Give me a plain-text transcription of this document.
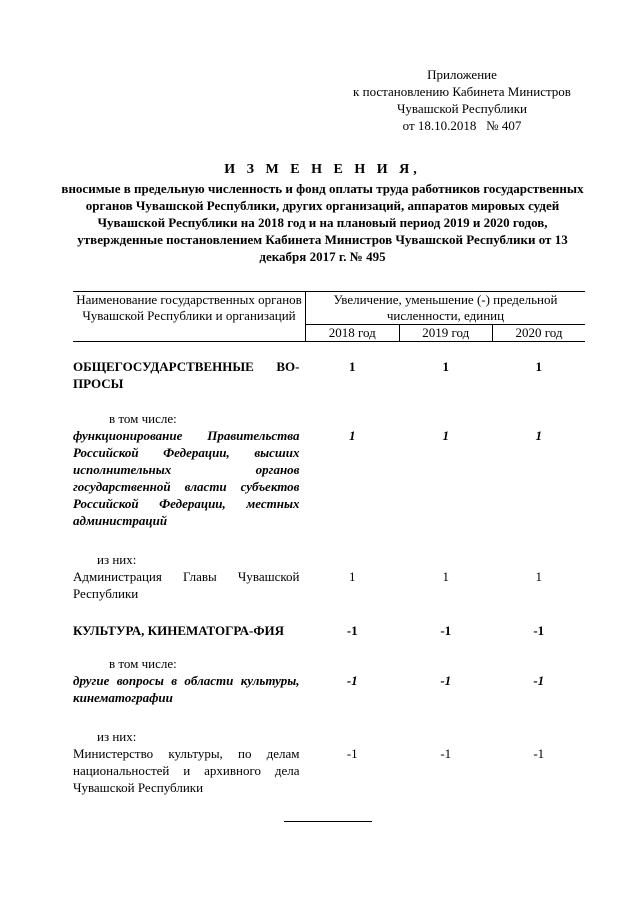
Приложение
к постановлению Кабинета Министров
Чувашской Республики
от 18.10.2018   № 407
И З М Е Н Е Н И Я,
вносимые в предельную численность и фонд оплаты труда работников государственных органов Чувашской Республики, других организаций, аппаратов мировых судей Чувашской Республики на 2018 год и на плановый период 2019 и 2020 годов, утвержденные постановлением Кабинета Министров Чувашской Республики от 13 декабря 2017 г. № 495
Наименование государственных органов Чувашской Республики и организаций	Увеличение, уменьшение (-) предельной численности, единиц		
	2018 год	2019 год	2020 год
ОБЩЕГОСУДАРСТВЕННЫЕ ВО-ПРОСЫ	1	1	1
в том числе:			
функционирование Правительства Российской Федерации, высших исполнительных органов государственной власти субъектов Российской Федерации, местных администраций	1	1	1
из них:			
Администрация Главы Чувашской Республики	1	1	1
КУЛЬТУРА, КИНЕМАТОГРА-ФИЯ	-1	-1	-1
в том числе:			
другие вопросы в области культуры, кинематографии	-1	-1	-1
из них:			
Министерство культуры, по делам национальностей и архивного дела Чувашской Республики	-1	-1	-1
